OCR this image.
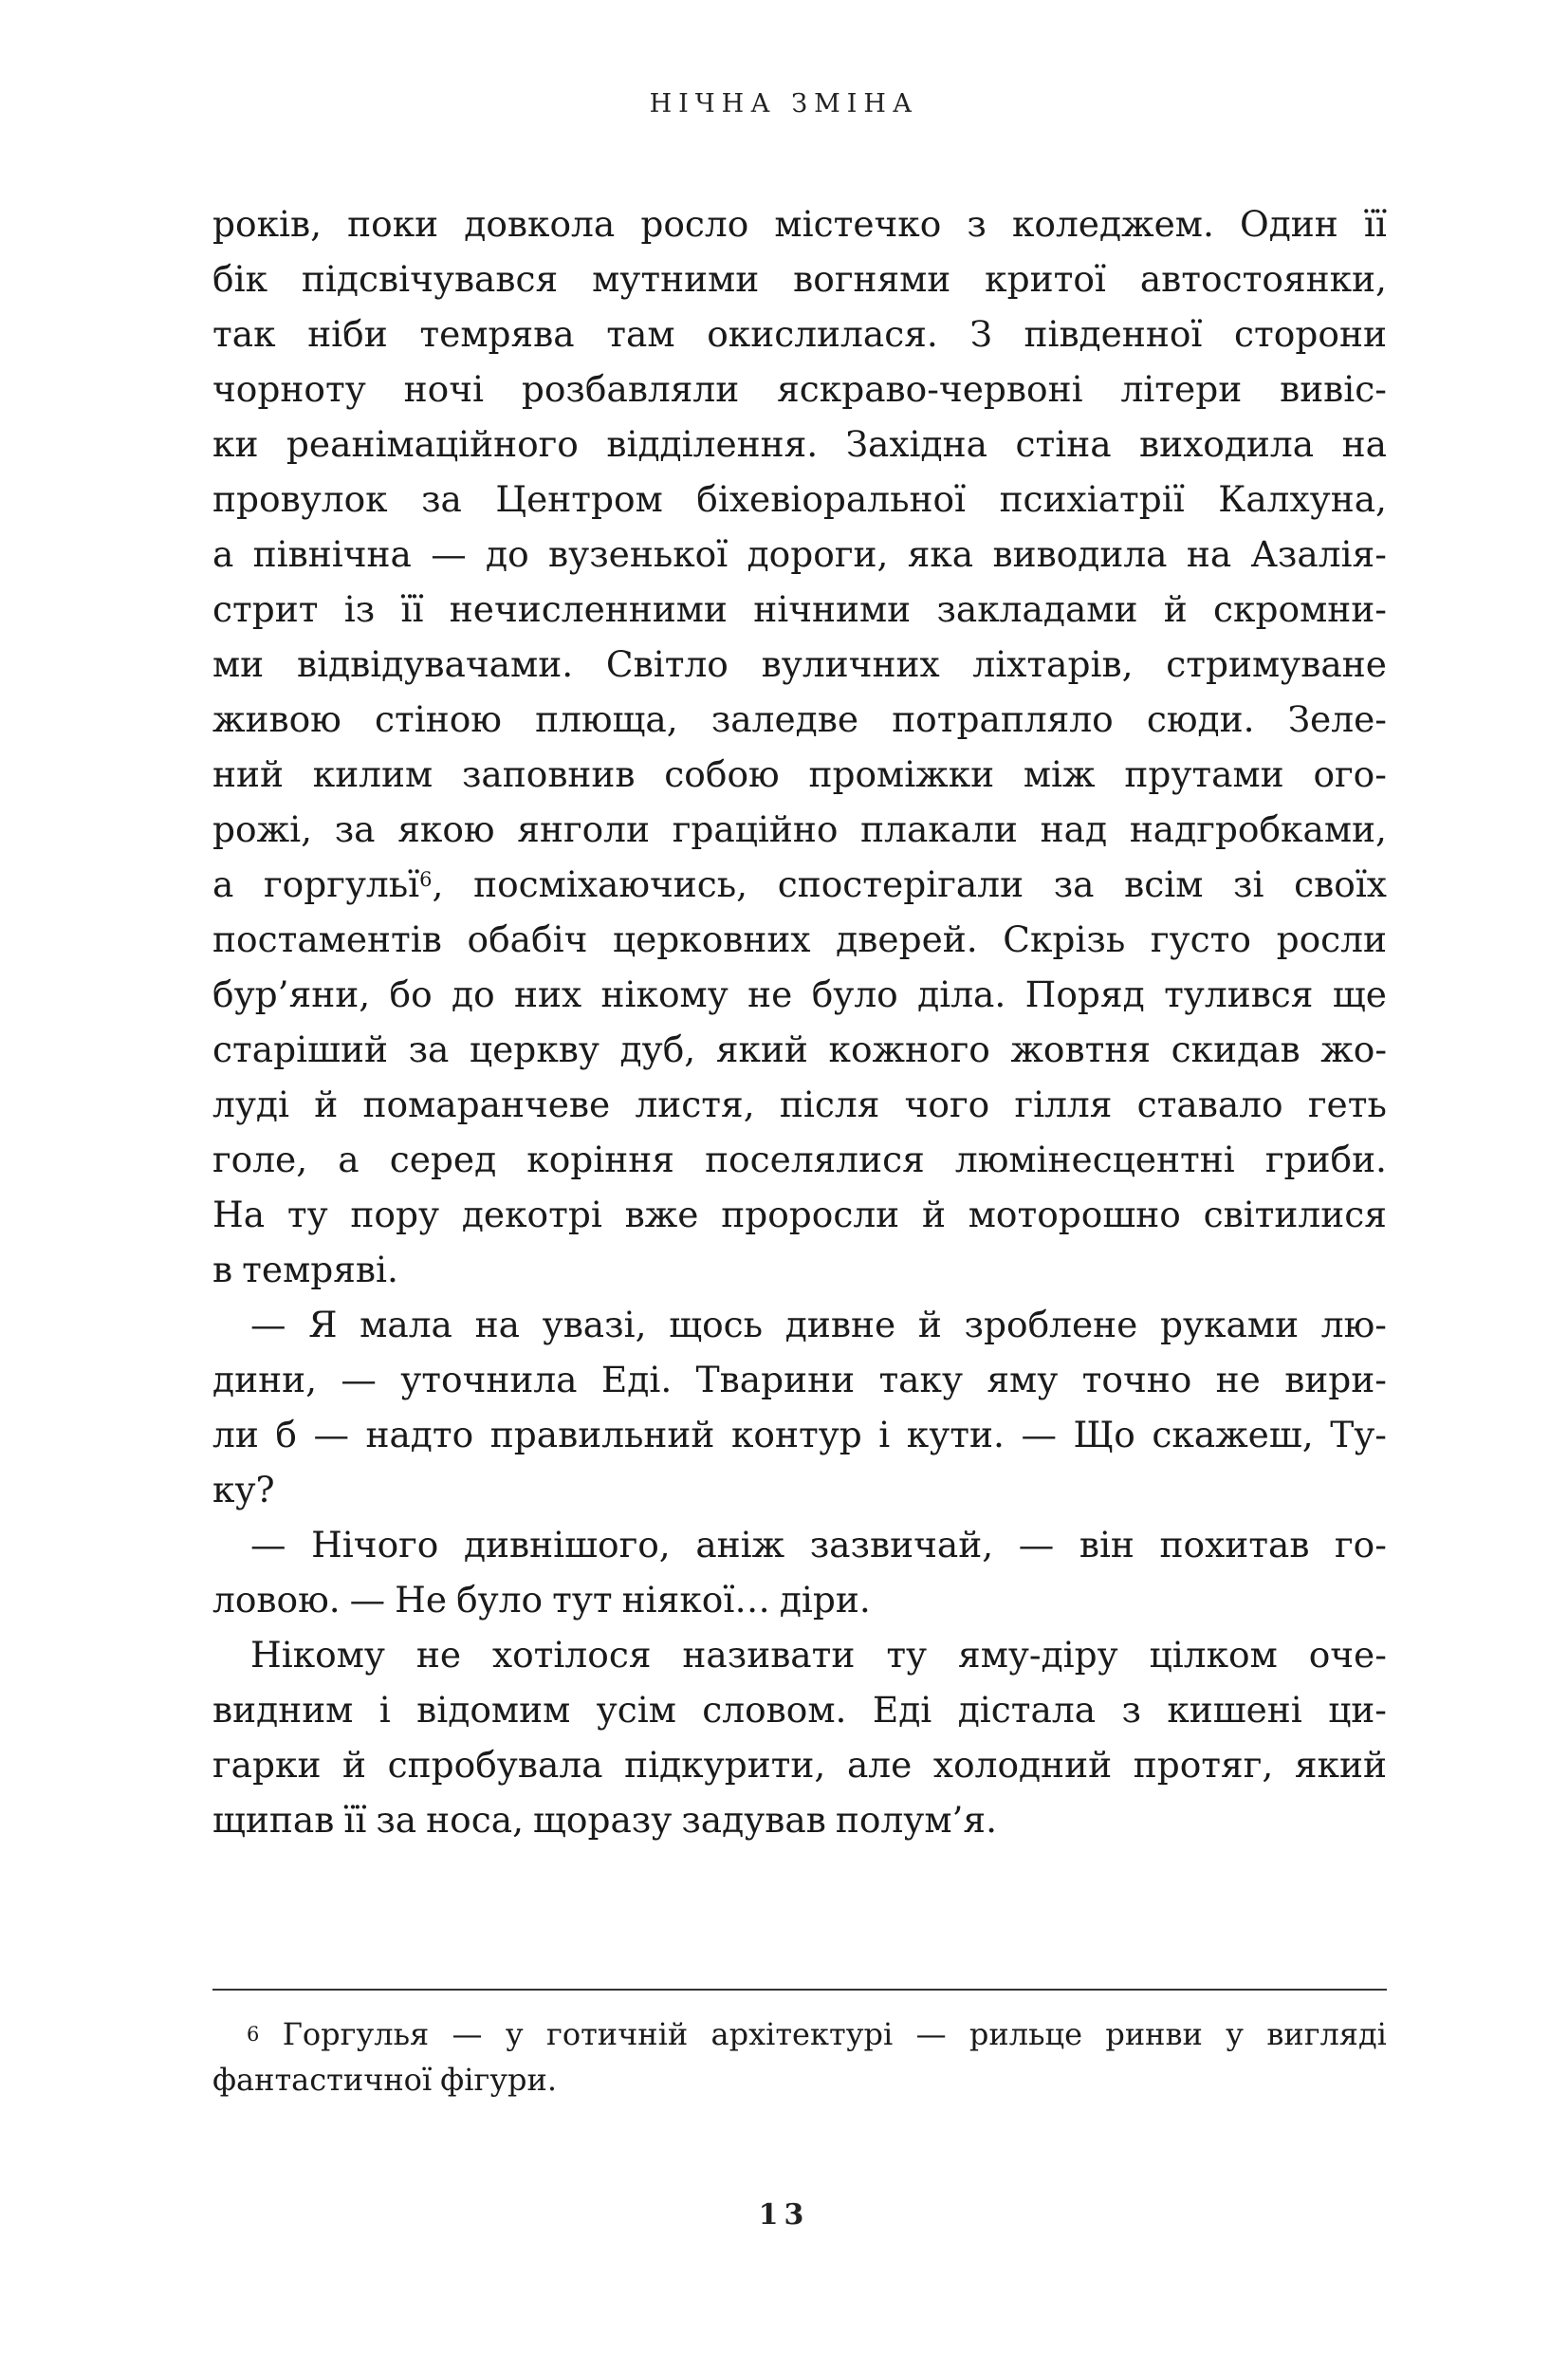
НІЧНА ЗМІНА
років, поки довкола росло містечко з коледжем. Один її
бік підсвічувався мутними вогнями критої автостоянки,
так ніби темрява там окислилася. З південної сторони
чорноту ночі розбавляли яскраво-червоні літери вивіс-
ки реанімаційного відділення. Західна стіна виходила на
провулок за Центром біхевіоральної психіатрії Калхуна,
а північна — до вузенької дороги, яка виводила на Азалія-
стрит із її нечисленними нічними закладами й скромни-
ми відвідувачами. Світло вуличних ліхтарів, стримуване
живою стіною плюща, заледве потрапляло сюди. Зеле-
ний килим заповнив собою проміжки між прутами ого-
рожі, за якою янголи граційно плакали над надгробками,
а горгульї$^6$, посміхаючись, спостерігали за всім зі своїх
постаментів обабіч церковних дверей. Скрізь густо росли
бур’яни, бо до них нікому не було діла. Поряд тулився ще
старіший за церкву дуб, який кожного жовтня скидав жо-
лудi й помаранчеве листя, після чого гілля ставало геть
голе, а серед коріння поселялися люмінесцентні гриби.
На ту пору декотрі вже проросли й моторошно світилися
в темряві.
— Я мала на увазі, щось дивне й зроблене руками лю-
дини, — уточнила Еді. Тварини таку яму точно не вири-
ли б — надто правильний контур і кути. — Що скажеш, Ту-
ку?
— Нічого дивнішого, аніж зазвичай, — він похитав го-
ловою. — Не було тут ніякої… діри.
Нікому не хотілося називати ту яму-діру цілком оче-
видним і відомим усім словом. Еді дістала з кишені ци-
гарки й спробувала підкурити, але холодний протяг, який
щипав її за носа, щоразу задував полум’я.
$^6$ Горгулья — у готичній архітектурі — рильце ринви у вигляді
фантастичної фігури.
13
